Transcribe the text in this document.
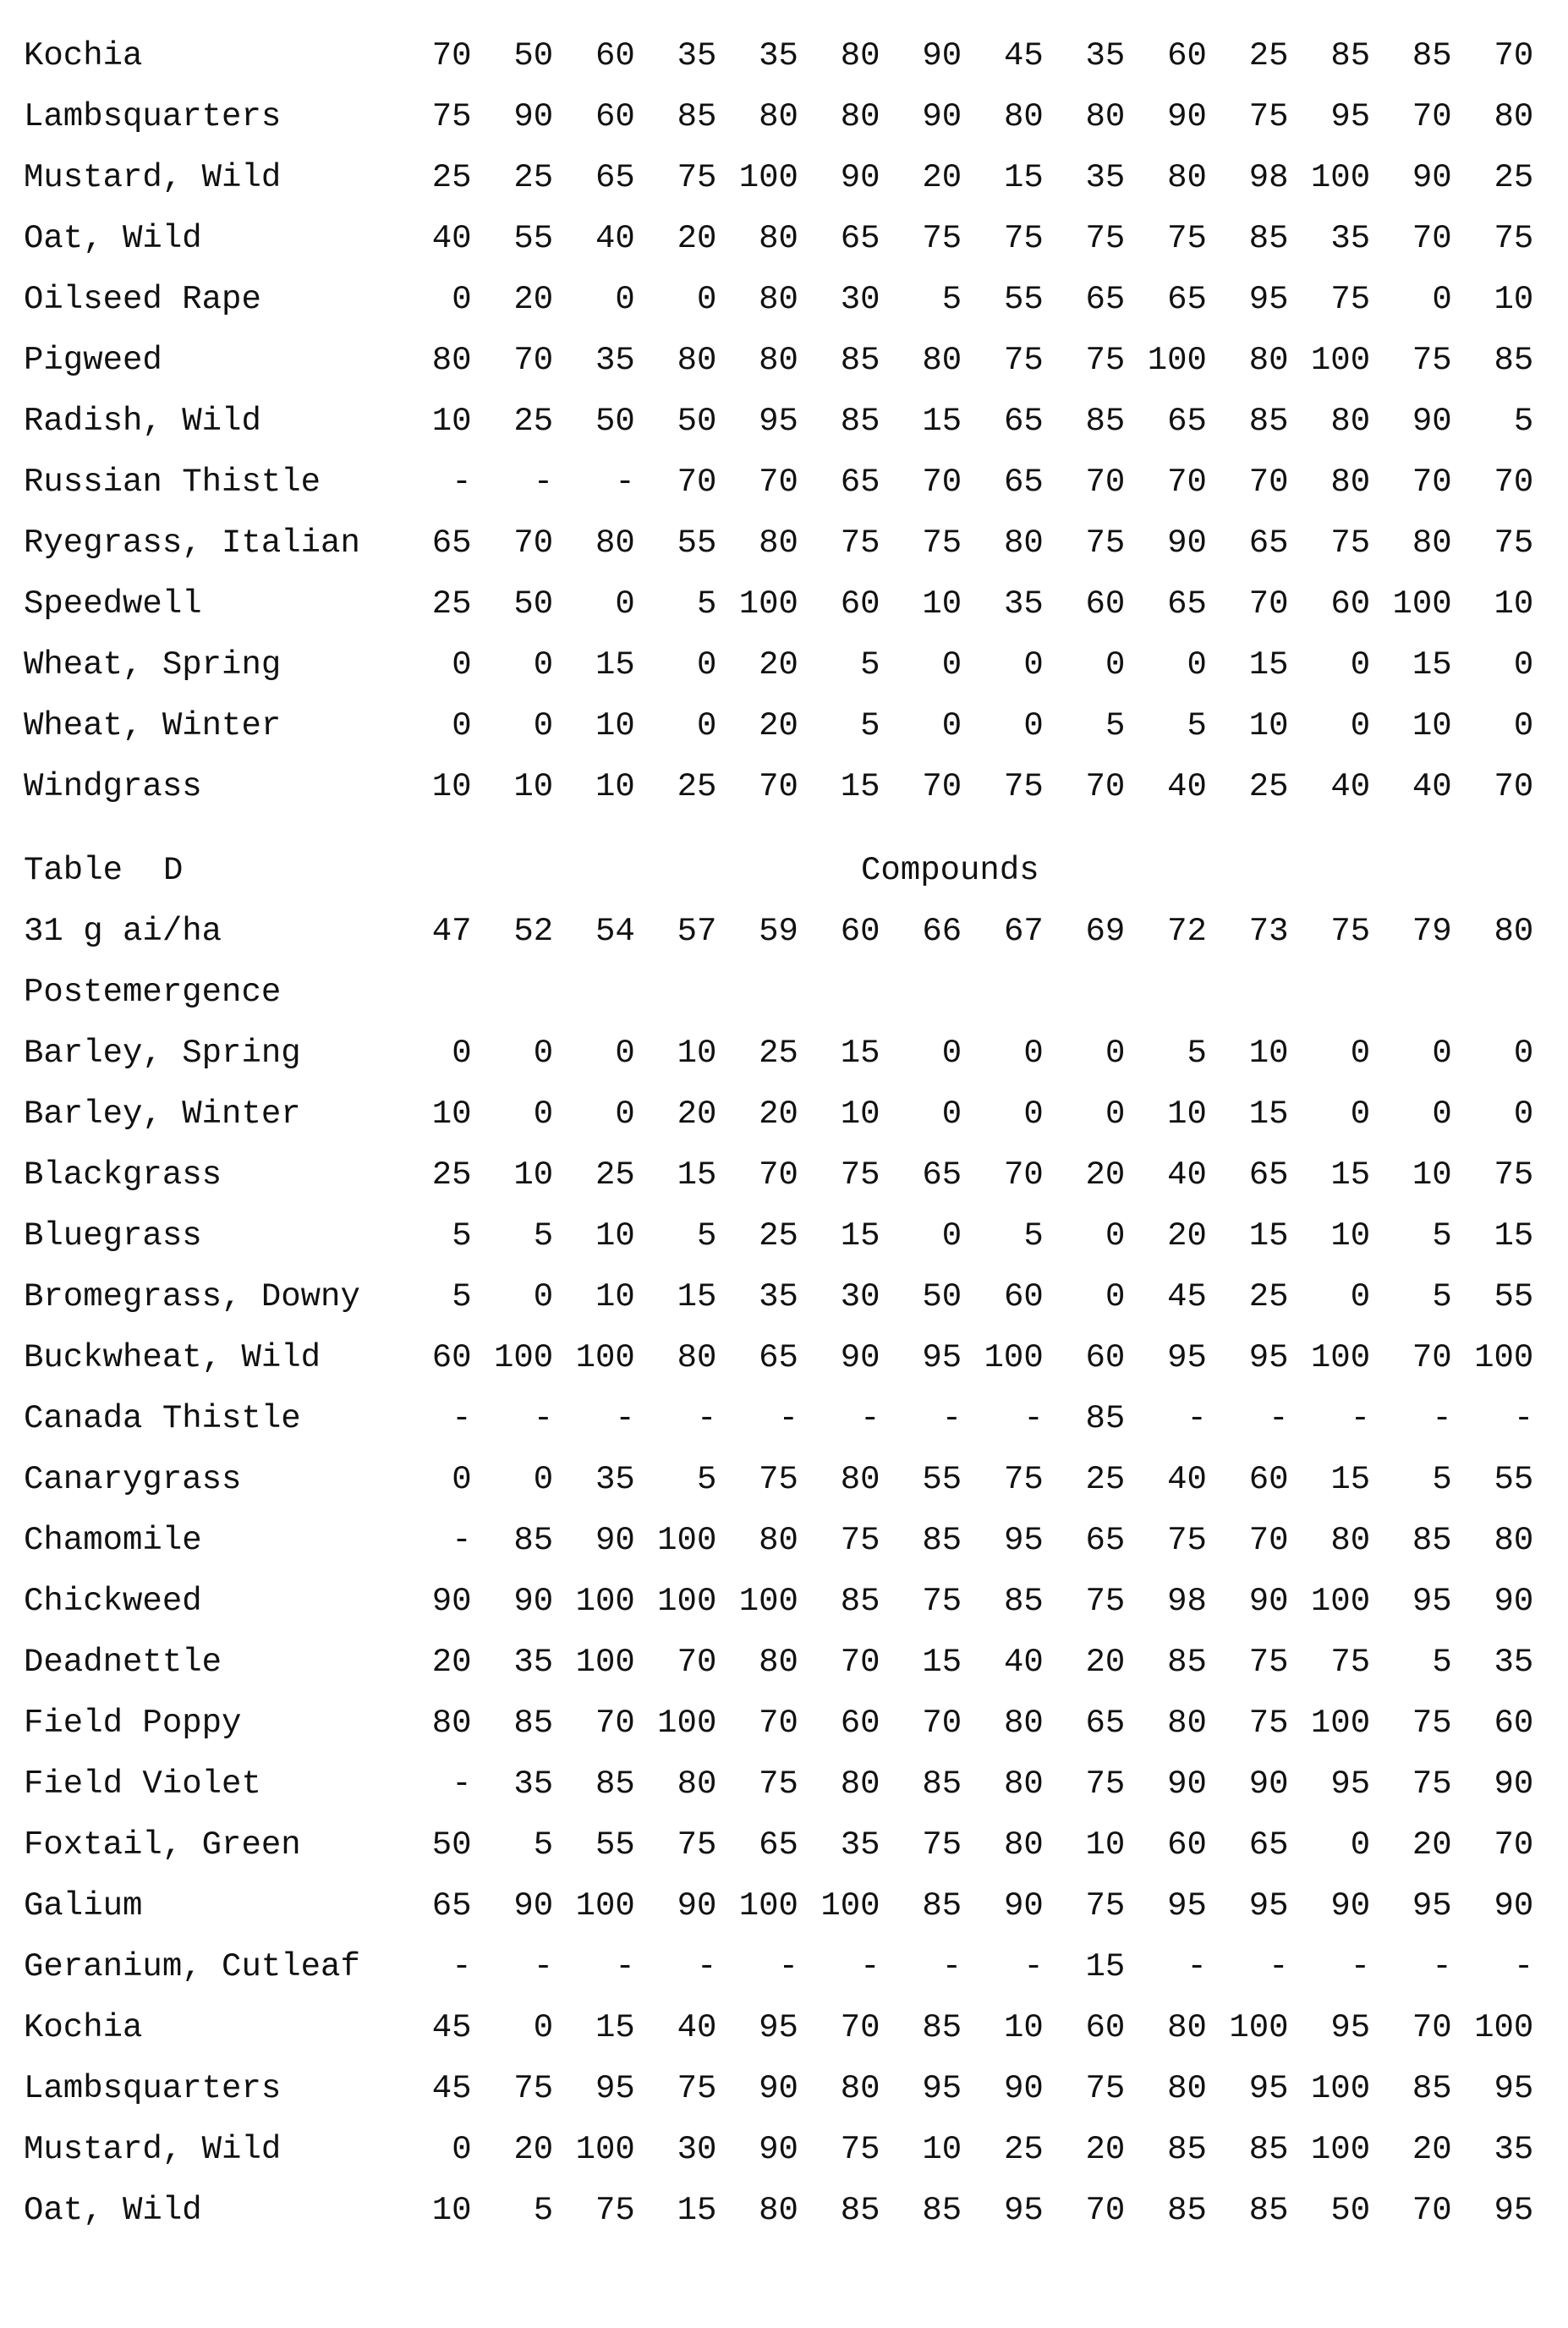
Kochia	70	50	60	35	35	80	90	45	35	60	25	85	85	70
Lambsquarters	75	90	60	85	80	80	90	80	80	90	75	95	70	80
Mustard, Wild	25	25	65	75 100	90	20	15	35	80	98 100	90	25
Oat, Wild	40	55	40	20	80	65	75	75	75	75	85	35	70	75
Oilseed Rape	0	20	0	0	80	30	5	55	65	65	95	75	0	10
Pigweed	80	70	35	80	80	85	80	75	75 100	80 100	75	85
Radish, Wild	10	25	50	50	95	85	15	65	85	65	85	80	90	5
Russian Thistle	-	-	-	70	70	65	70	65	70	70	70	80	70	70
Ryegrass, Italian	65	70	80	55	80	75	75	80	75	90	65	75	80	75
Speedwell	25	50	0	5 100	60	10	35	60	65	70	60 100	10
Wheat, Spring	0	0	15	0	20	5	0	0	0	0	15	0	15	0
Wheat, Winter	0	0	10	0	20	5	0	0	5	5	10	0	10	0
Windgrass	10	10	10	25	70	15	70	75	70	40	25	40	40	70
Table D	Compounds
31 g ai/ha	47	52	54	57	59	60	66	67	69	72	73	75	79	80
Postemergence
Barley, Spring	0	0	0	10	25	15	0	0	0	5	10	0	0	0
Barley, Winter	10	0	0	20	20	10	0	0	0	10	15	0	0	0
Blackgrass	25	10	25	15	70	75	65	70	20	40	65	15	10	75
Bluegrass	5	5	10	5	25	15	0	5	0	20	15	10	5	15
Bromegrass, Downy	5	0	10	15	35	30	50	60	0	45	25	0	5	55
Buckwheat, Wild	60 100 100	80	65	90	95 100	60	95	95 100	70 100
Canada Thistle	-	-	-	-	-	-	-	-	85	-	-	-	-	-
Canarygrass	0	0	35	5	75	80	55	75	25	40	60	15	5	55
Chamomile	-	85	90 100	80	75	85	95	65	75	70	80	85	80
Chickweed	90	90 100 100 100	85	75	85	75	98	90 100	95	90
Deadnettle	20	35 100	70	80	70	15	40	20	85	75	75	5	35
Field Poppy	80	85	70 100	70	60	70	80	65	80	75 100	75	60
Field Violet	-	35	85	80	75	80	85	80	75	90	90	95	75	90
Foxtail, Green	50	5	55	75	65	35	75	80	10	60	65	0	20	70
Galium	65	90 100	90 100 100	85	90	75	95	95	90	95	90
Geranium, Cutleaf	-	-	-	-	-	-	-	-	15	-	-	-	-	-
Kochia	45	0	15	40	95	70	85	10	60	80 100	95	70 100
Lambsquarters	45	75	95	75	90	80	95	90	75	80	95 100	85	95
Mustard, Wild	0	20 100	30	90	75	10	25	20	85	85 100	20	35
Oat, Wild	10	5	75	15	80	85	85	95	70	85	85	50	70	95
